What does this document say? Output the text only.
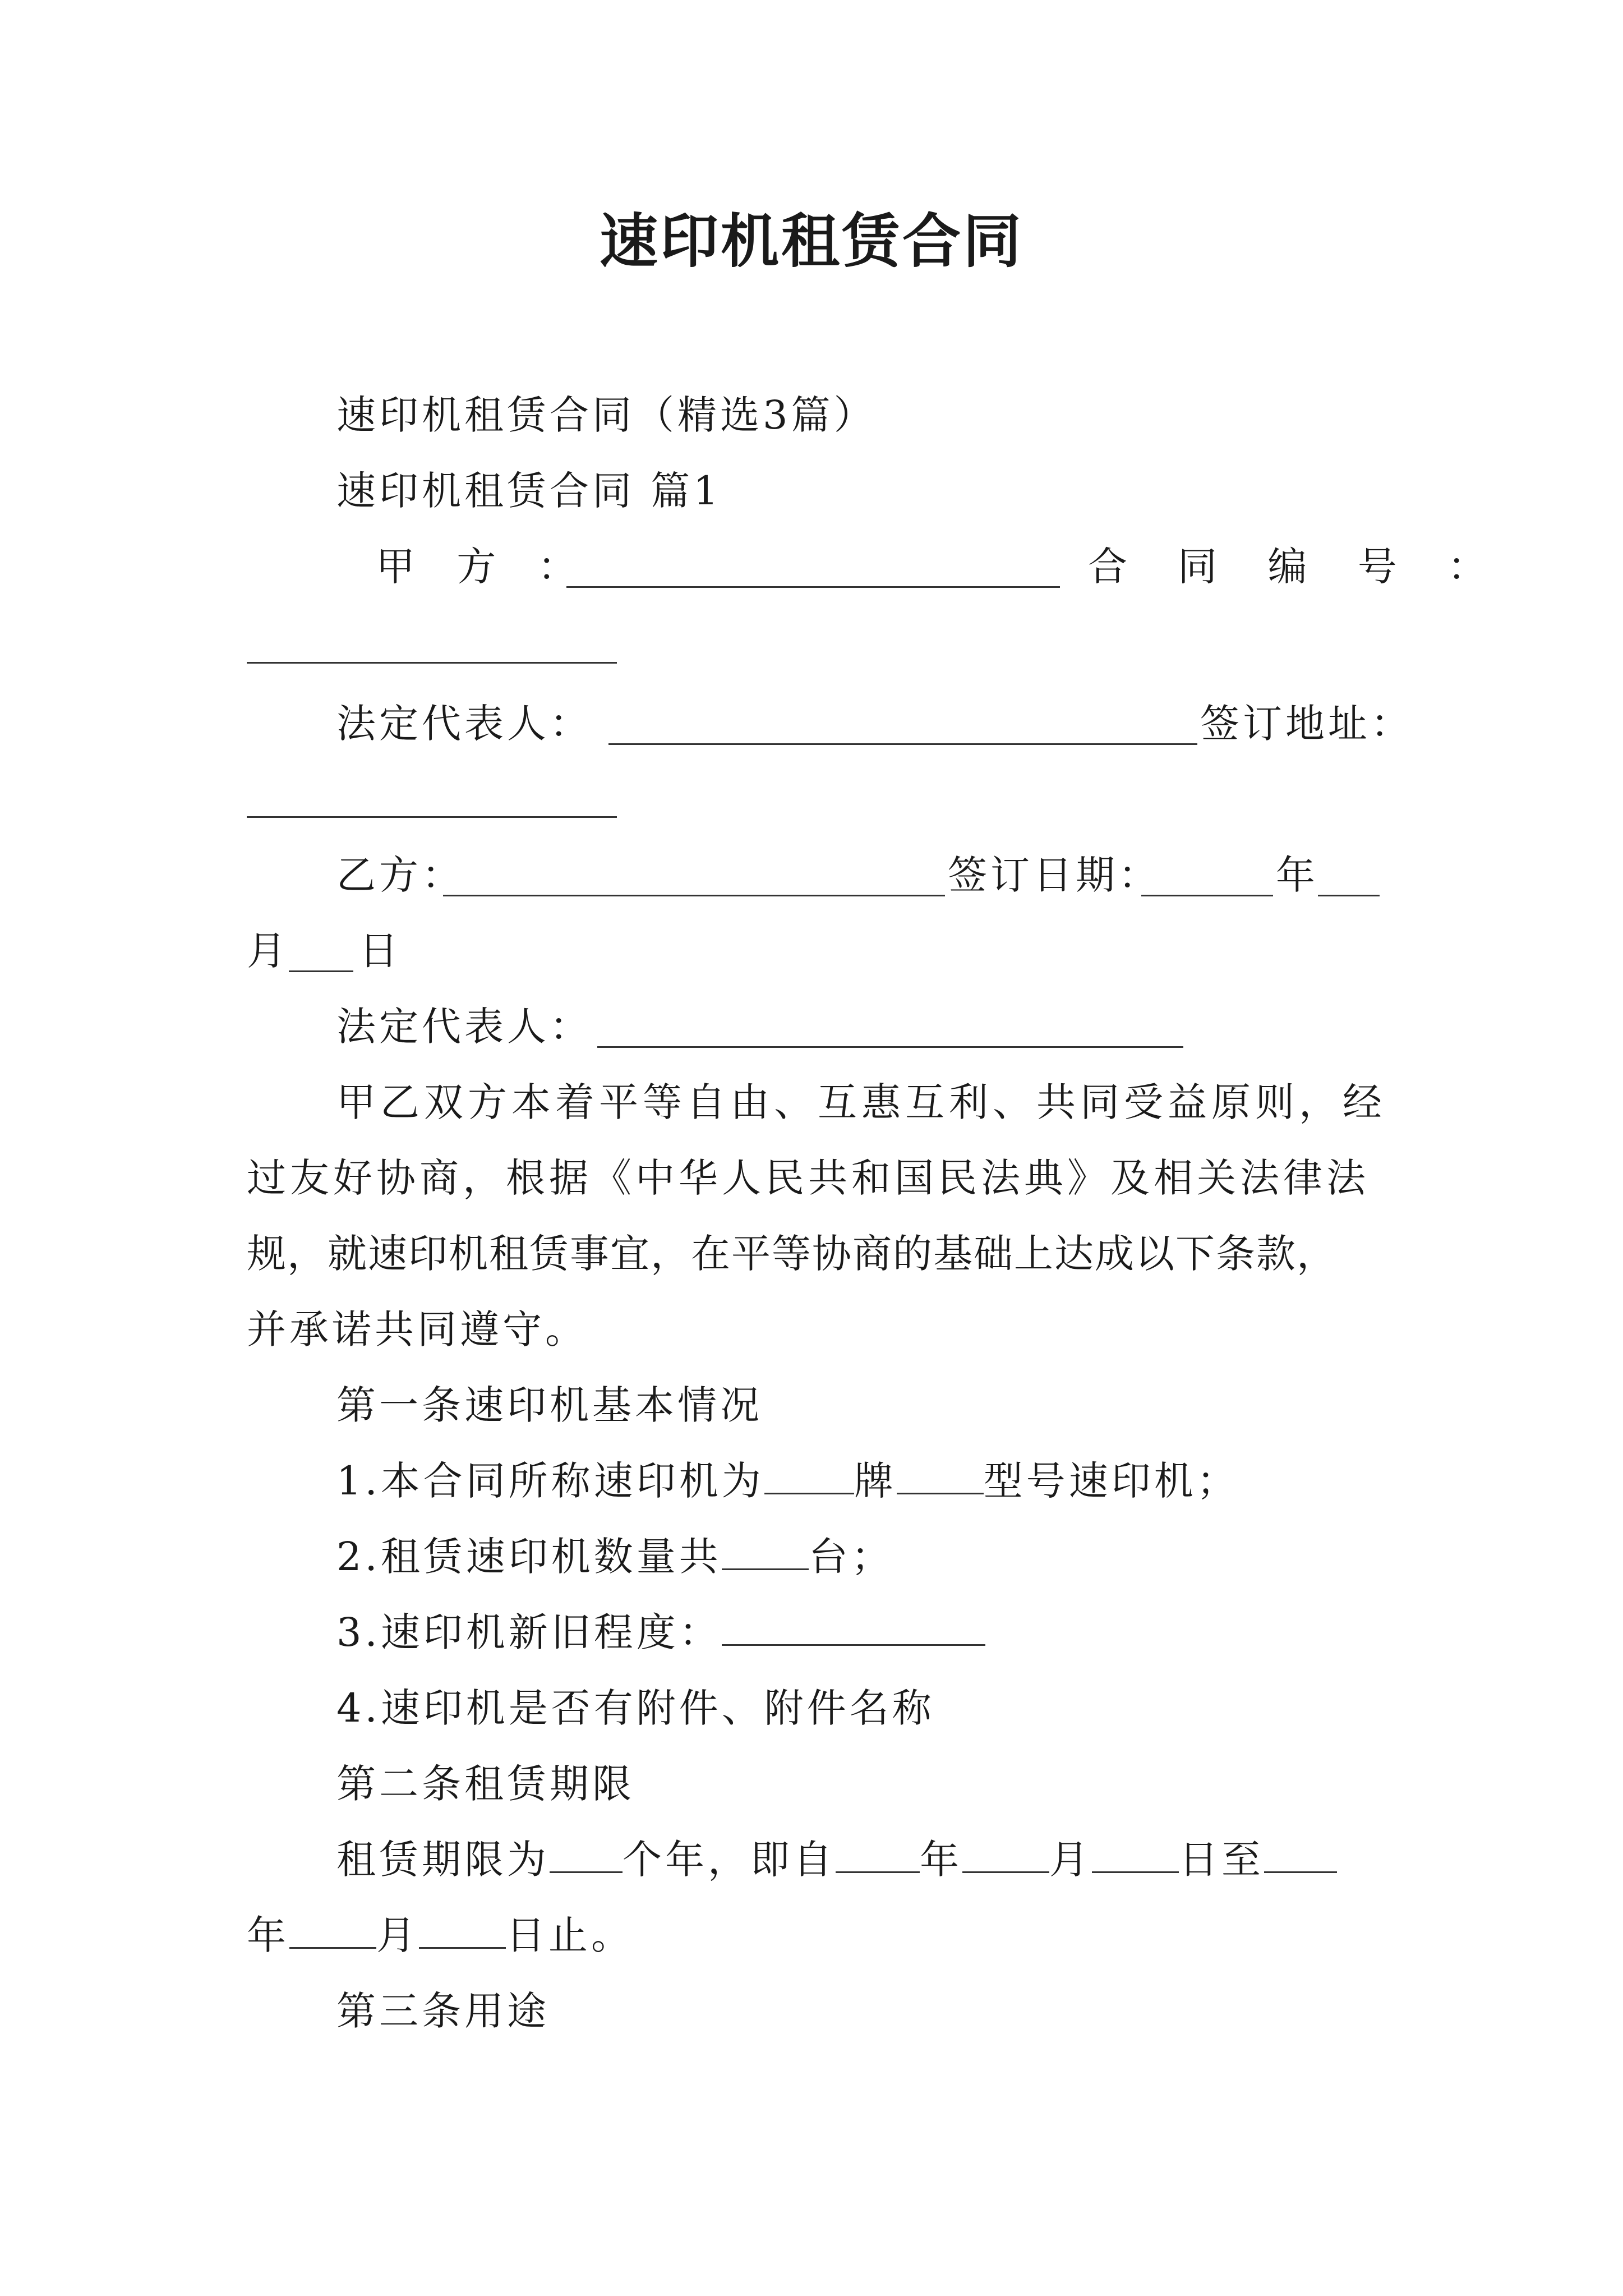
速印机租赁合同
速印机租赁合同（精选3篇）
速印机租赁合同 篇1
甲 方 ：	合 同 编 号 ：
法定代表人：	签订地址：
乙方：	签订日期：	年
月 日
法定代表人：
甲乙双方本着平等自由、互惠互利、共同受益原则，经
过友好协商，根据《中华人民共和国民法典》及相关法律法
规，就速印机租赁事宜，在平等协商的基础上达成以下条款，
并承诺共同遵守。
第一条速印机基本情况
1.本合同所称速印机为 牌 型号速印机；
2.租赁速印机数量共 台；
3.速印机新旧程度：
4.速印机是否有附件、附件名称
第二条租赁期限
租赁期限为 个年，即自 年 月 日至
年 月 日止。
第三条用途
